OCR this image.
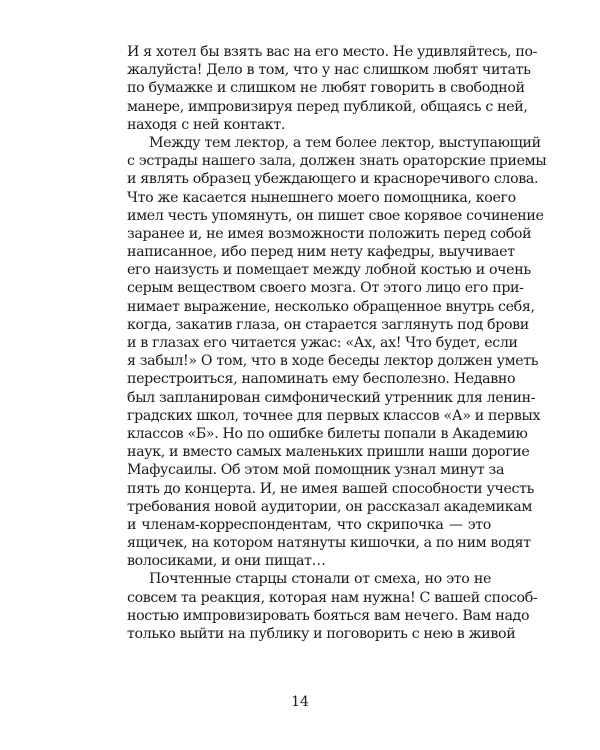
И я хотел бы взять вас на его место. Не удивляйтесь, по-
жалуйста! Дело в том, что у нас слишком любят читать
по бумажке и слишком не любят говорить в свободной
манере, импровизируя перед публикой, общаясь с ней,
находя с ней контакт.
Между тем лектор, а тем более лектор, выступающий
с эстрады нашего зала, должен знать ораторские приемы
и являть образец убеждающего и красноречивого слова.
Что же касается нынешнего моего помощника, коего
имел честь упомянуть, он пишет свое корявое сочинение
заранее и, не имея возможности положить перед собой
написанное, ибо перед ним нету кафедры, выучивает
его наизусть и помещает между лобной костью и очень
серым веществом своего мозга. От этого лицо его при-
нимает выражение, несколько обращенное внутрь себя,
когда, закатив глаза, он старается заглянуть под брови
и в глазах его читается ужас: «Ах, ах! Что будет, если
я забыл!» О том, что в ходе беседы лектор должен уметь
перестроиться, напоминать ему бесполезно. Недавно
был запланирован симфонический утренник для ленин-
градских школ, точнее для первых классов «А» и первых
классов «Б». Но по ошибке билеты попали в Академию
наук, и вместо самых маленьких пришли наши дорогие
Мафусаилы. Об этом мой помощник узнал минут за
пять до концерта. И, не имея вашей способности учесть
требования новой аудитории, он рассказал академикам
и членам-корреспондентам, что скрипочка — это
ящичек, на котором натянуты кишочки, а по ним водят
волосиками, и они пищат…
Почтенные старцы стонали от смеха, но это не
совсем та реакция, которая нам нужна! С вашей способ-
ностью импровизировать бояться вам нечего. Вам надо
только выйти на публику и поговорить с нею в живой
14
